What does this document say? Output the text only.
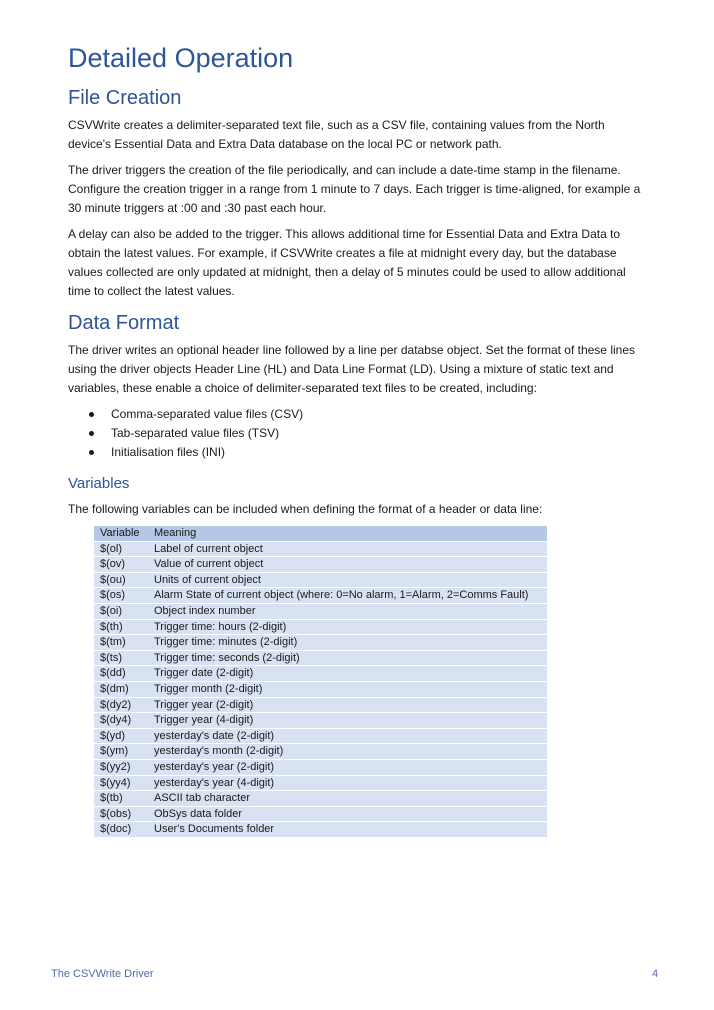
Detailed Operation
File Creation

CSVWrite creates a delimiter-separated text file, such as a CSV file, containing values from the North device's Essential Data and Extra Data database on the local PC or network path.

The driver triggers the creation of the file periodically, and can include a date-time stamp in the filename. Configure the creation trigger in a range from 1 minute to 7 days. Each trigger is time-aligned, for example a 30 minute triggers at :00 and :30 past each hour.

A delay can also be added to the trigger. This allows additional time for Essential Data and Extra Data to obtain the latest values. For example, if CSVWrite creates a file at midnight every day, but the database values collected are only updated at midnight, then a delay of 5 minutes could be used to allow additional time to collect the latest values.

Data Format

The driver writes an optional header line followed by a line per databse object. Set the format of these lines using the driver objects Header Line (HL) and Data Line Format (LD). Using a mixture of static text and variables, these enable a choice of delimiter-separated text files to be created, including:

Comma-separated value files (CSV)
Tab-separated value files (TSV)
Initialisation files (INI)
Variables

The following variables can be included when defining the format of a header or data line:

Variable	Meaning
$(ol)	Label of current object
$(ov)	Value of current object
$(ou)	Units of current object
$(os)	Alarm State of current object (where: 0=No alarm, 1=Alarm, 2=Comms Fault)
$(oi)	Object index number
$(th)	Trigger time: hours (2-digit)
$(tm)	Trigger time: minutes (2-digit)
$(ts)	Trigger time: seconds (2-digit)
$(dd)	Trigger date (2-digit)
$(dm)	Trigger month (2-digit)
$(dy2)	Trigger year (2-digit)
$(dy4)	Trigger year (4-digit)
$(yd)	yesterday's date (2-digit)
$(ym)	yesterday's month (2-digit)
$(yy2)	yesterday's year (2-digit)
$(yy4)	yesterday's year (4-digit)
$(tb)	ASCII tab character
$(obs)	ObSys data folder
$(doc)	User's Documents folder
The CSVWrite Driver	4
